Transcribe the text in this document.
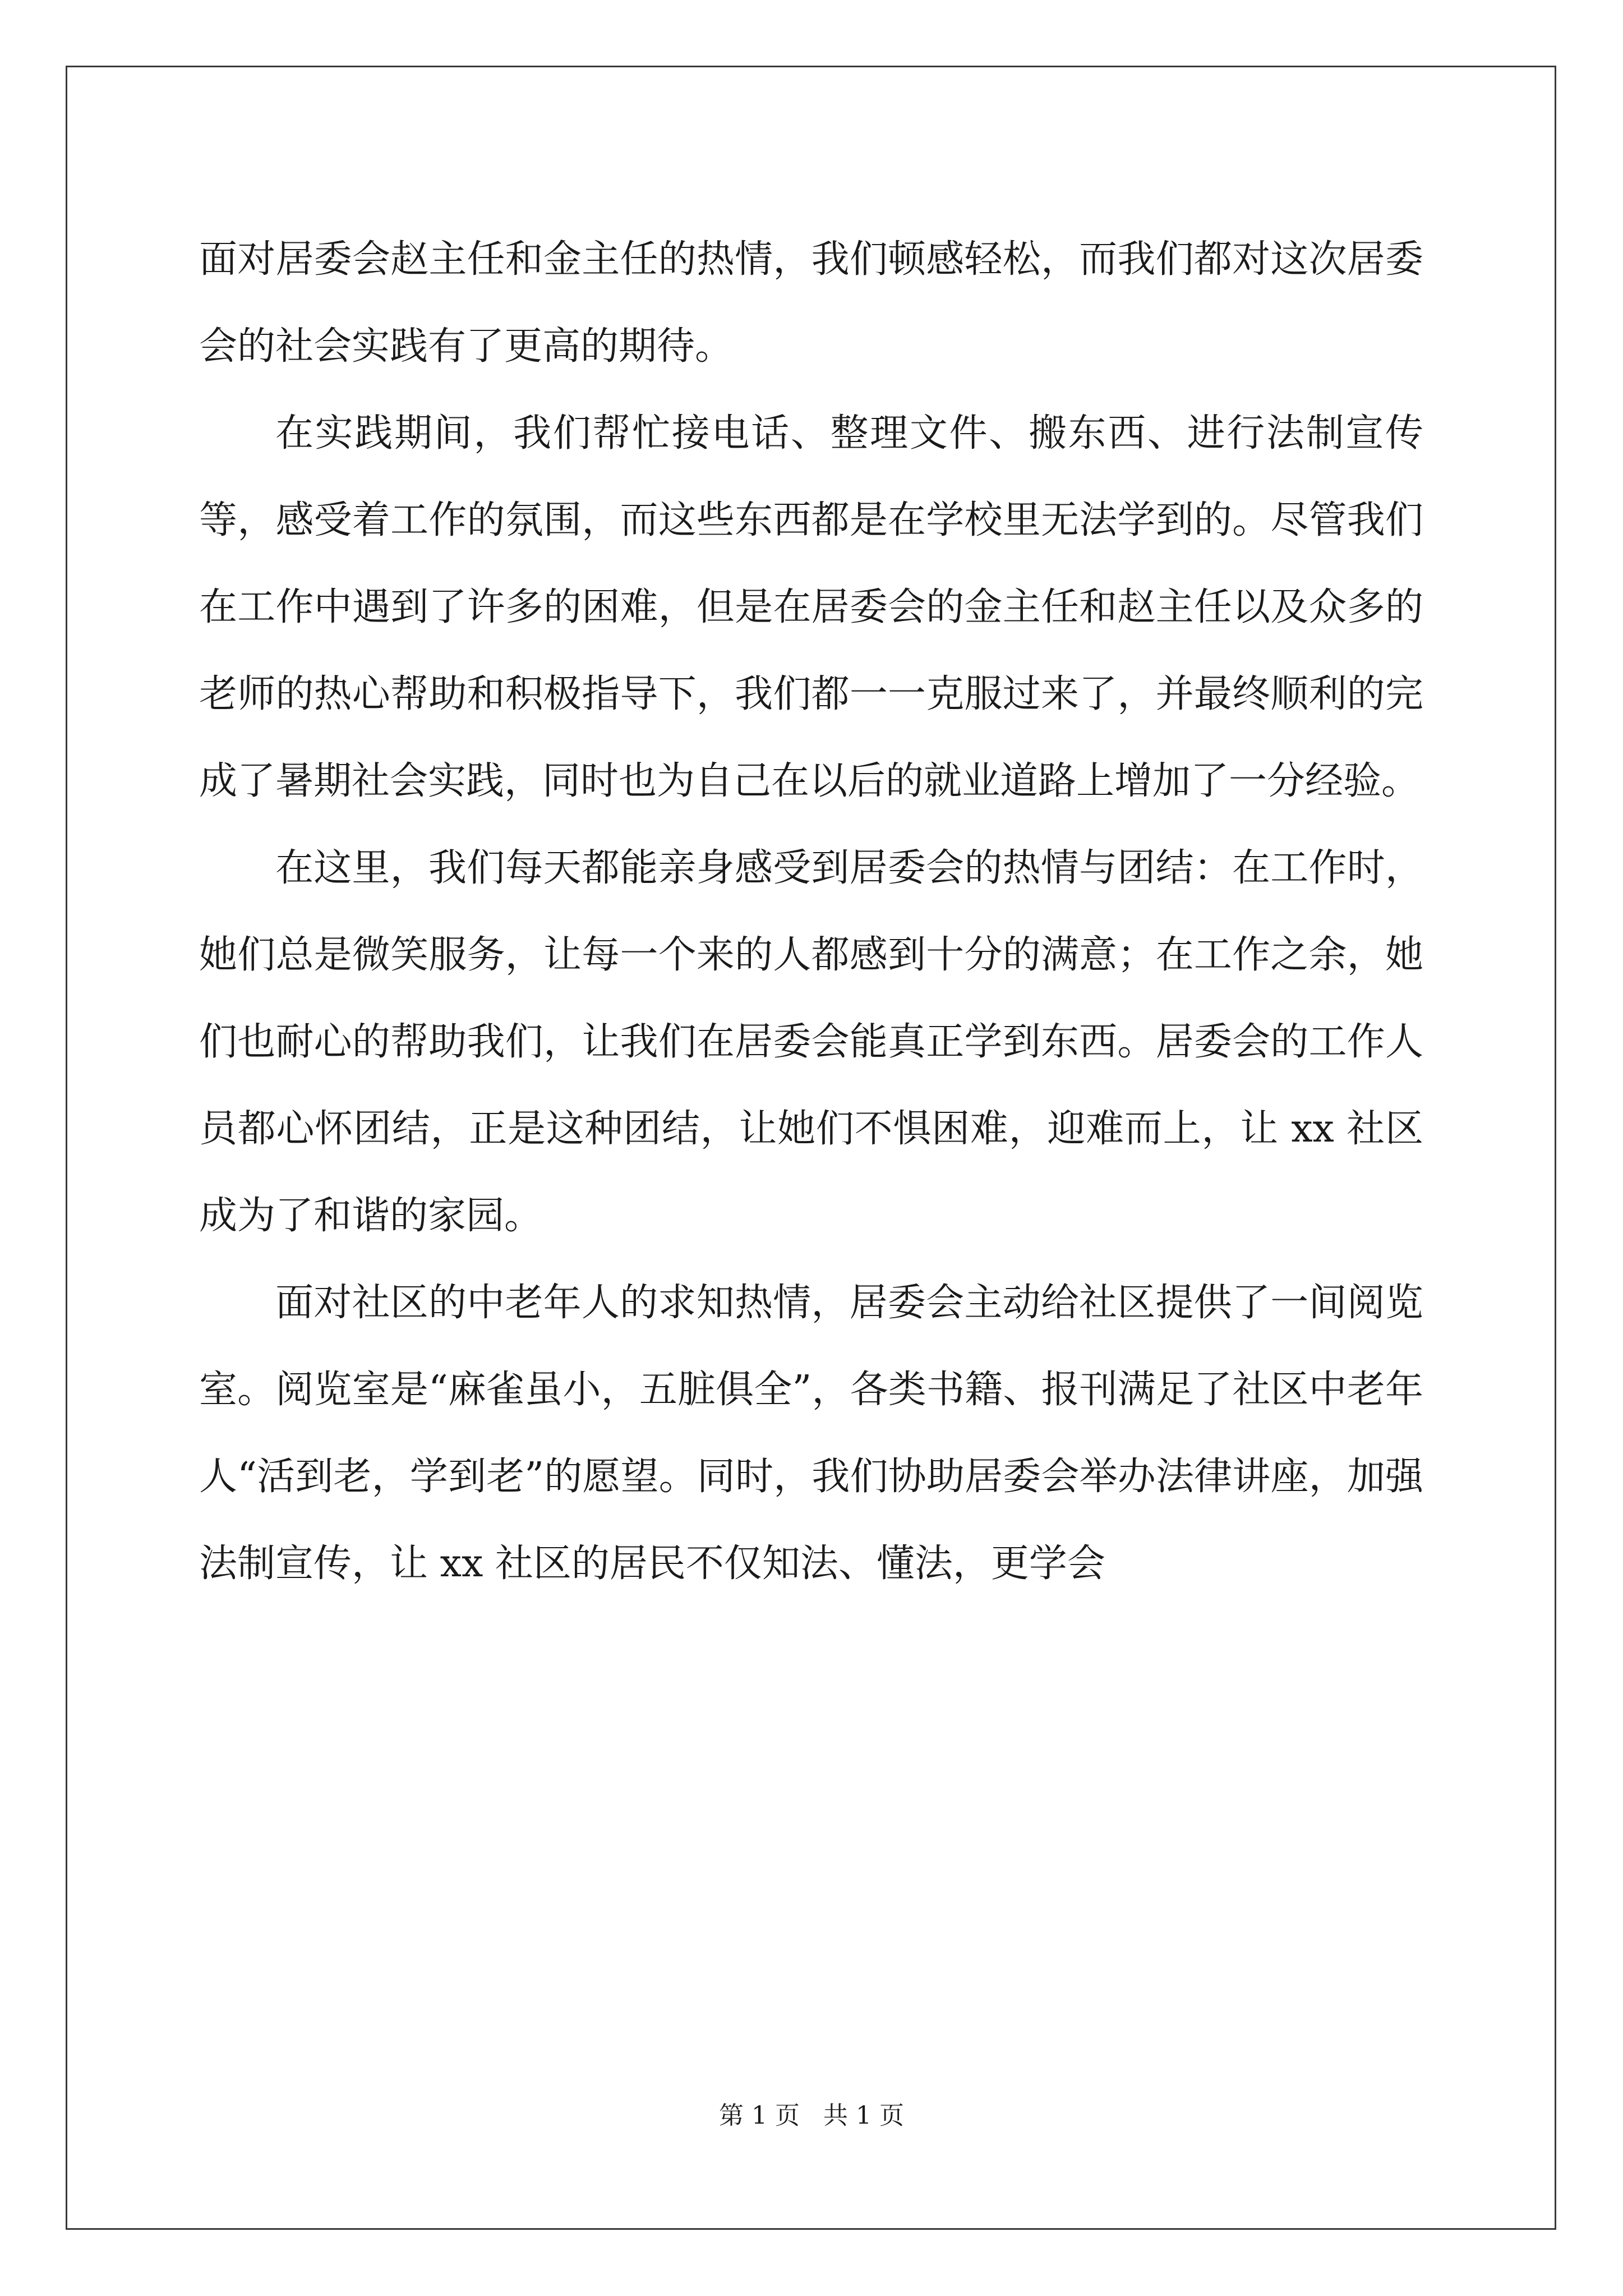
面对居委会赵主任和金主任的热情，我们顿感轻松，而我们都对这次居委会的社会实践有了更高的期待。

在实践期间，我们帮忙接电话、整理文件、搬东西、进行法制宣传等，感受着工作的氛围，而这些东西都是在学校里无法学到的。尽管我们在工作中遇到了许多的困难，但是在居委会的金主任和赵主任以及众多的老师的热心帮助和积极指导下，我们都一一克服过来了，并最终顺利的完成了暑期社会实践，同时也为自己在以后的就业道路上增加了一分经验。

在这里，我们每天都能亲身感受到居委会的热情与团结：在工作时，她们总是微笑服务，让每一个来的人都感到十分的满意；在工作之余，她们也耐心的帮助我们，让我们在居委会能真正学到东西。居委会的工作人员都心怀团结，正是这种团结，让她们不惧困难，迎难而上，让 xx 社区成为了和谐的家园。

面对社区的中老年人的求知热情，居委会主动给社区提供了一间阅览室。阅览室是“麻雀虽小，五脏俱全”，各类书籍、报刊满足了社区中老年人“活到老，学到老”的愿望。同时，我们协助居委会举办法律讲座，加强法制宣传，让 xx 社区的居民不仅知法、懂法，更学会

第 1 页   共 1 页
